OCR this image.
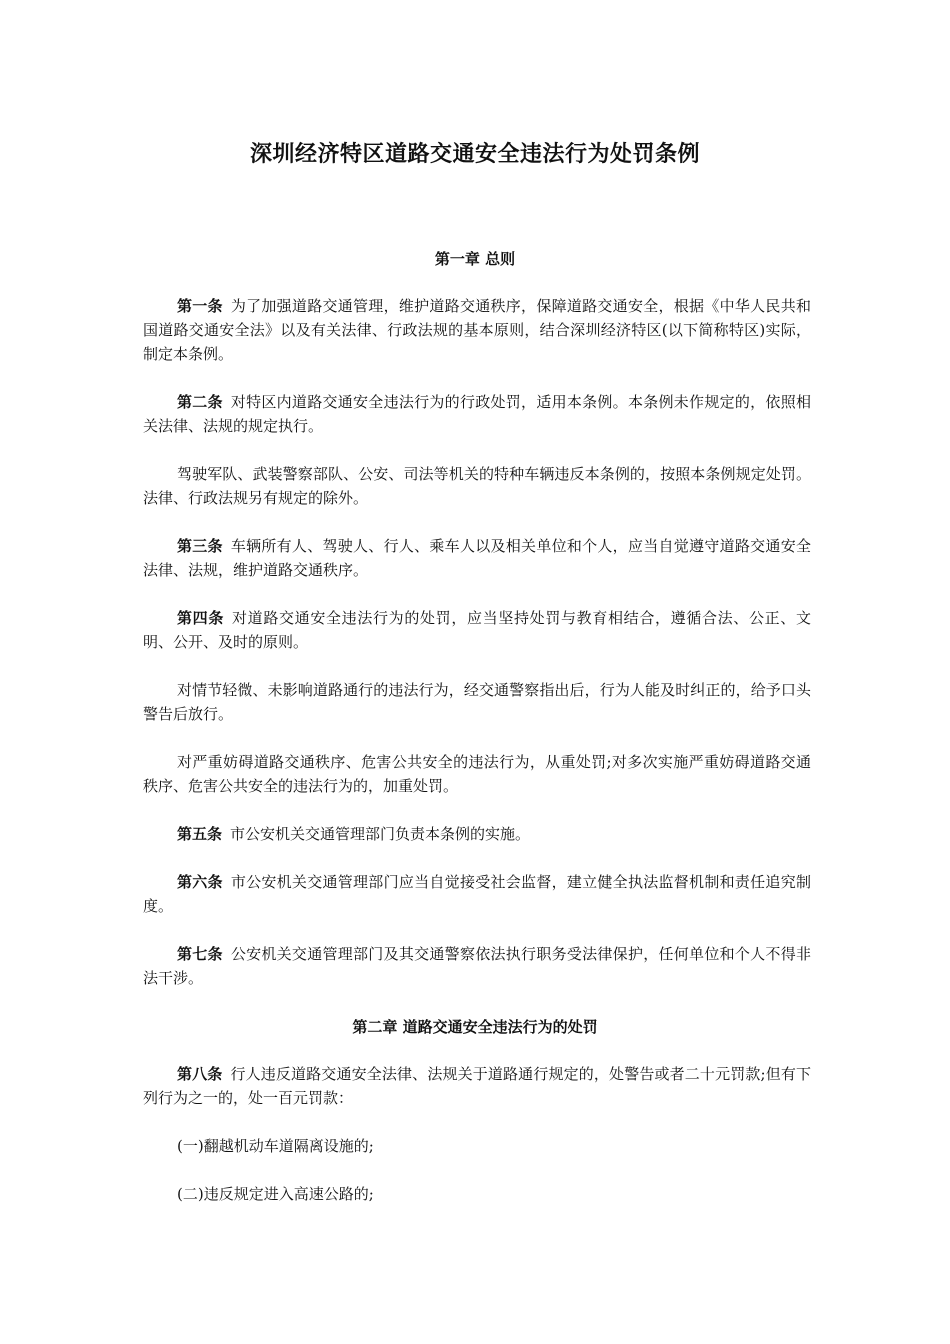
深圳经济特区道路交通安全违法行为处罚条例
第一章 总则
第一条 为了加强道路交通管理，维护道路交通秩序，保障道路交通安全，根据《中华人民共和国道路交通安全法》以及有关法律、行政法规的基本原则，结合深圳经济特区(以下简称特区)实际，制定本条例。
第二条 对特区内道路交通安全违法行为的行政处罚，适用本条例。本条例未作规定的，依照相关法律、法规的规定执行。
驾驶军队、武装警察部队、公安、司法等机关的特种车辆违反本条例的，按照本条例规定处罚。法律、行政法规另有规定的除外。
第三条 车辆所有人、驾驶人、行人、乘车人以及相关单位和个人，应当自觉遵守道路交通安全法律、法规，维护道路交通秩序。
第四条 对道路交通安全违法行为的处罚，应当坚持处罚与教育相结合，遵循合法、公正、文明、公开、及时的原则。
对情节轻微、未影响道路通行的违法行为，经交通警察指出后，行为人能及时纠正的，给予口头警告后放行。
对严重妨碍道路交通秩序、危害公共安全的违法行为，从重处罚;对多次实施严重妨碍道路交通秩序、危害公共安全的违法行为的，加重处罚。
第五条 市公安机关交通管理部门负责本条例的实施。
第六条 市公安机关交通管理部门应当自觉接受社会监督，建立健全执法监督机制和责任追究制度。
第七条 公安机关交通管理部门及其交通警察依法执行职务受法律保护，任何单位和个人不得非法干涉。
第二章 道路交通安全违法行为的处罚
第八条 行人违反道路交通安全法律、法规关于道路通行规定的，处警告或者二十元罚款;但有下列行为之一的，处一百元罚款：
(一)翻越机动车道隔离设施的;
(二)违反规定进入高速公路的;
